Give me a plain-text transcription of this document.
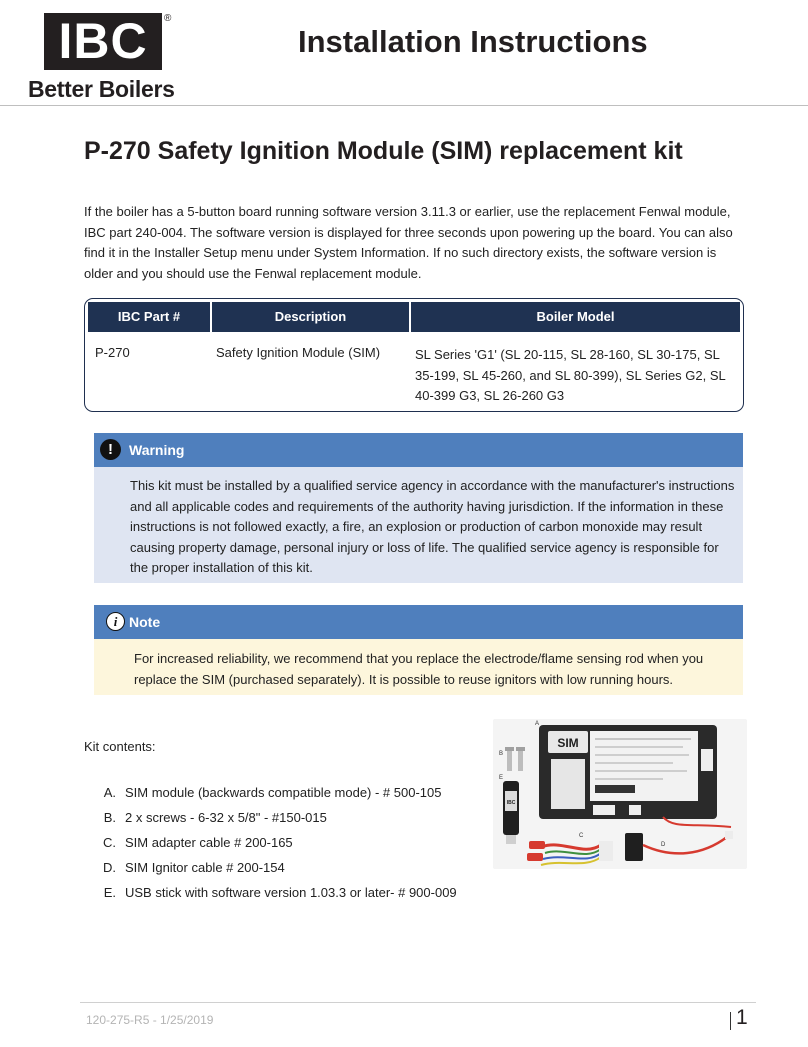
IBC	®
Better Boilers
Installation Instructions
P-270 Safety Ignition Module (SIM) replacement kit
If the boiler has a 5-button board running software version 3.11.3 or earlier, use the replacement Fenwal module, IBC part 240-004. The software version is displayed for three seconds upon powering up the board. You can also find it in the Installer Setup menu under System Information. If no such directory exists, the software version is older and you should use the Fenwal replacement module.
IBC Part #	Description	Boiler Model
P-270	Safety Ignition Module (SIM)	SL Series 'G1' (SL 20-115, SL 28-160, SL 30-175, SL 35-199, SL 45-260, and SL 80-399), SL Series G2, SL 40-399 G3, SL 26-260 G3
!	Warning
This kit must be installed by a qualified service agency in accordance with the manufacturer's instructions and all applicable codes and requirements of the authority having jurisdiction. If the information in these instructions is not followed exactly, a fire, an explosion or production of carbon monoxide may result causing property damage, personal injury or loss of life. The qualified service agency is responsible for the proper installation of this kit.
i Note
For increased reliability, we recommend that you replace the electrode/flame sensing rod when you replace the SIM (purchased separately). It is possible to reuse ignitors with low running hours.
Kit contents:
A. SIM module (backwards compatible mode) - # 500-105
B. 2 x screws - 6-32 x 5/8" - #150-015
C. SIM adapter cable # 200-165
D. SIM Ignitor cable # 200-154
E. USB stick with software version 1.03.3 or later- # 900-009
SIM
IBC
A
B
C
D
E
120-275-R5 - 1/25/2019	1
